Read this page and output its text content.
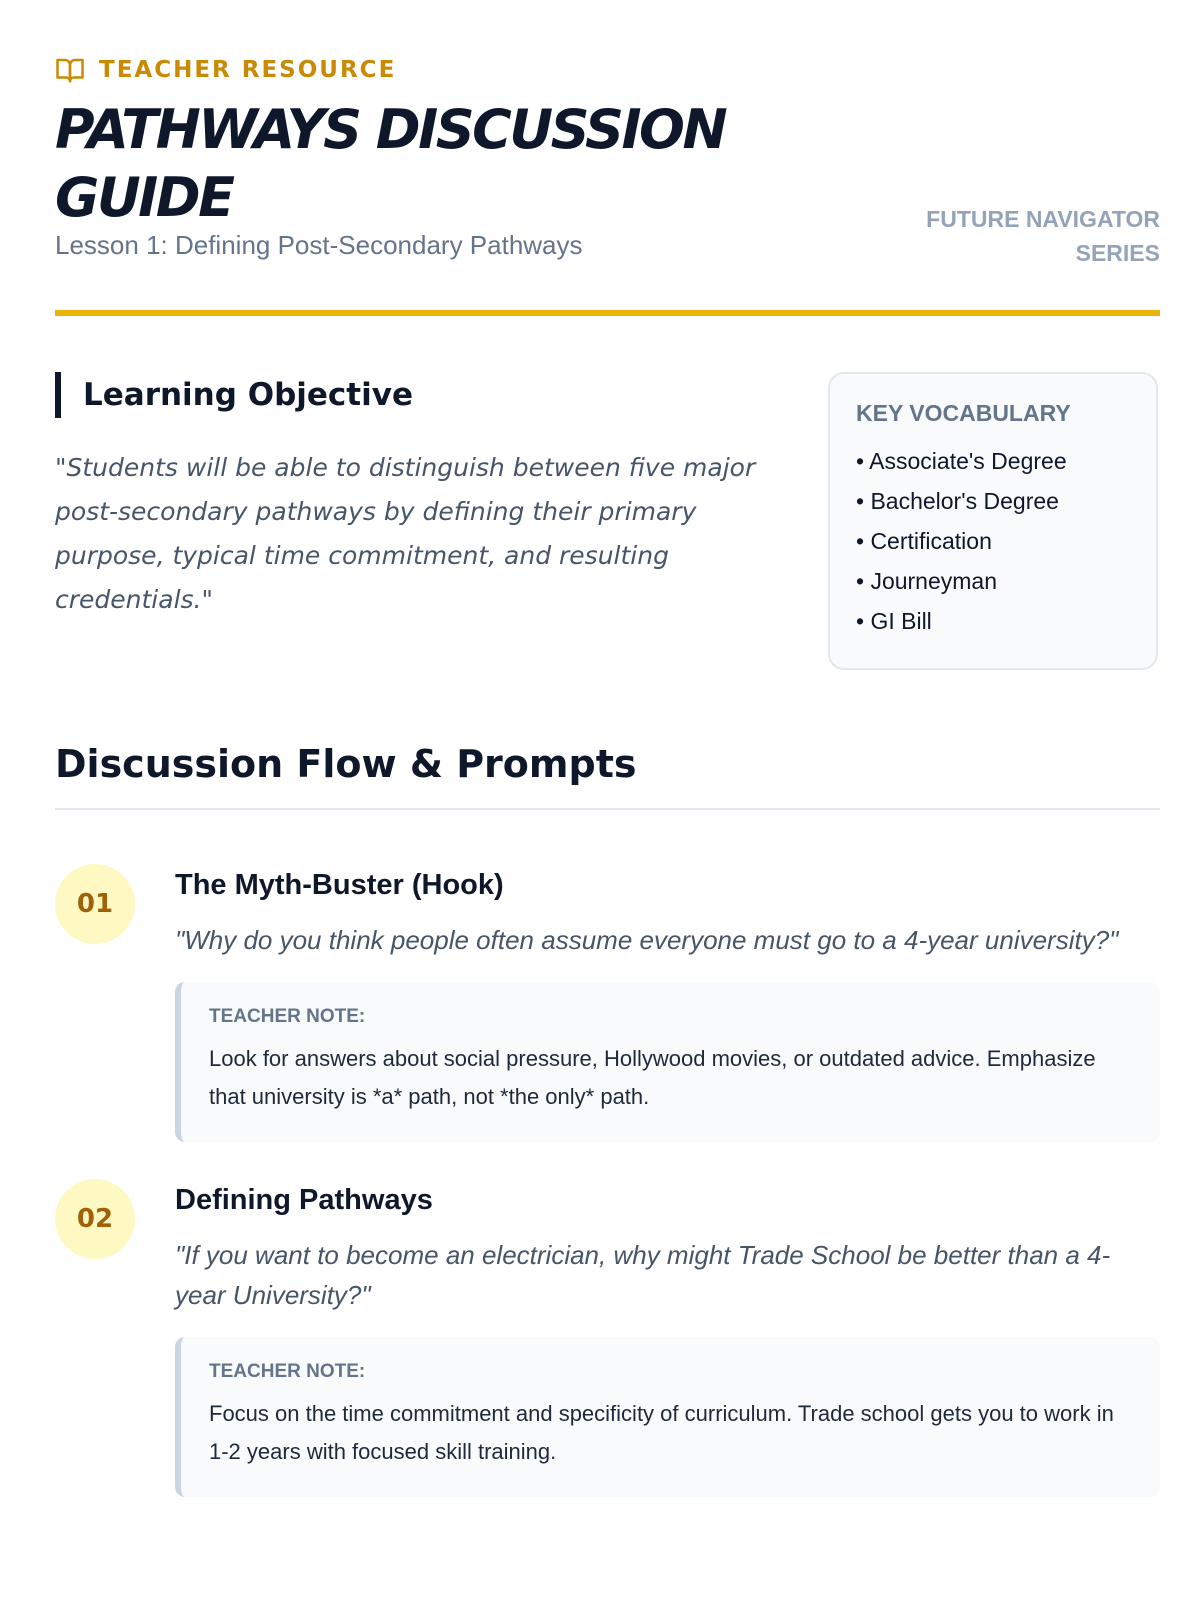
TEACHER RESOURCE
PATHWAYS DISCUSSION GUIDE
Lesson 1: Defining Post-Secondary Pathways
FUTURE NAVIGATOR SERIES
Learning Objective
"Students will be able to distinguish between five major post-secondary pathways by defining their primary purpose, typical time commitment, and resulting credentials."
KEY VOCABULARY
• Associate's Degree
• Bachelor's Degree
• Certification
• Journeyman
• GI Bill
Discussion Flow & Prompts
01
The Myth-Buster (Hook)
"Why do you think people often assume everyone must go to a 4-year university?"
TEACHER NOTE:
Look for answers about social pressure, Hollywood movies, or outdated advice. Emphasize that university is *a* path, not *the only* path.
02
Defining Pathways
"If you want to become an electrician, why might Trade School be better than a 4-year University?"
TEACHER NOTE:
Focus on the time commitment and specificity of curriculum. Trade school gets you to work in 1-2 years with focused skill training.
